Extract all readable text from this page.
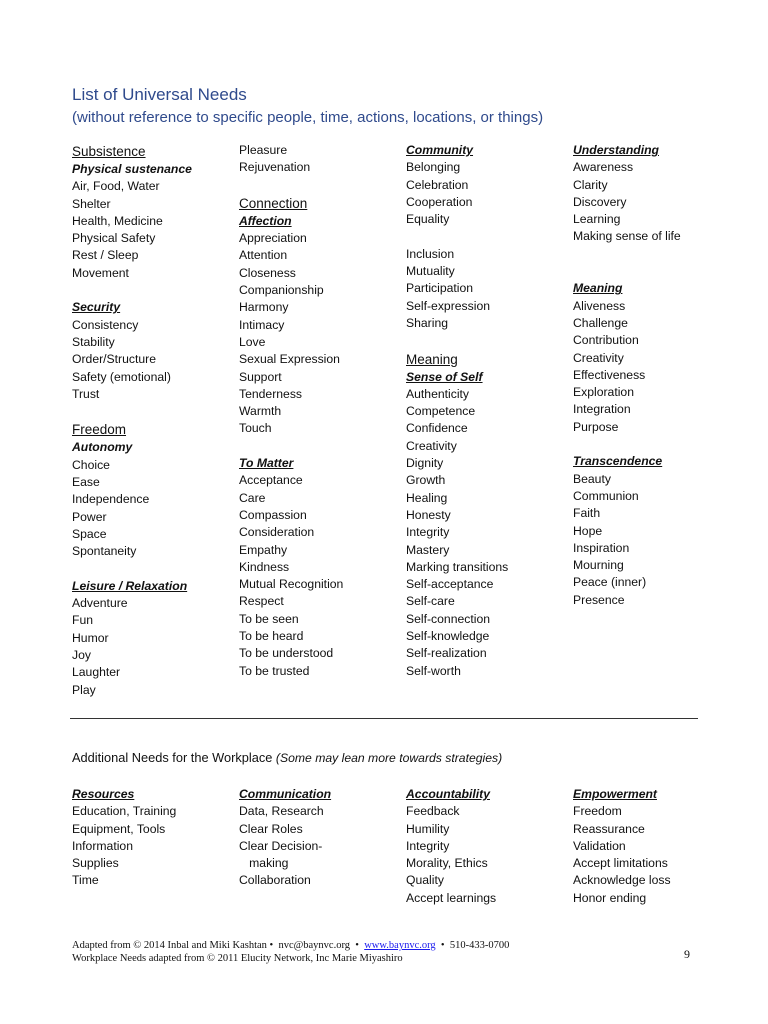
List of Universal Needs
(without reference to specific people, time, actions, locations, or things)
Subsistence
Physical sustenance
Air, Food, Water
Shelter
Health, Medicine
Physical Safety
Rest / Sleep
Movement
Security
Consistency
Stability
Order/Structure
Safety (emotional)
Trust
Freedom
Autonomy
Choice
Ease
Independence
Power
Space
Spontaneity
Leisure / Relaxation
Adventure
Fun
Humor
Joy
Laughter
Play
Pleasure
Rejuvenation
Connection
Affection
Appreciation
Attention
Closeness
Companionship
Harmony
Intimacy
Love
Sexual Expression
Support
Tenderness
Warmth
Touch
To Matter
Acceptance
Care
Compassion
Consideration
Empathy
Kindness
Mutual Recognition
Respect
To be seen
To be heard
To be understood
To be trusted
Community
Belonging
Celebration
Cooperation
Equality
Inclusion
Mutuality
Participation
Self-expression
Sharing
Meaning
Sense of Self
Authenticity
Competence
Confidence
Creativity
Dignity
Growth
Healing
Honesty
Integrity
Mastery
Marking transitions
Self-acceptance
Self-care
Self-connection
Self-knowledge
Self-realization
Self-worth
Understanding
Awareness
Clarity
Discovery
Learning
Making sense of life
Meaning
Aliveness
Challenge
Contribution
Creativity
Effectiveness
Exploration
Integration
Purpose
Transcendence
Beauty
Communion
Faith
Hope
Inspiration
Mourning
Peace (inner)
Presence
Additional Needs for the Workplace (Some may lean more towards strategies)
Resources
Education, Training
Equipment, Tools
Information
Supplies
Time
Communication
Data, Research
Clear Roles
Clear Decision-
making
Collaboration
Accountability
Feedback
Humility
Integrity
Morality, Ethics
Quality
Accept learnings
Empowerment
Freedom
Reassurance
Validation
Accept limitations
Acknowledge loss
Honor ending
Adapted from © 2014 Inbal and Miki Kashtan •  nvc@baynvc.org  •  www.baynvc.org  •  510-433-0700
Workplace Needs adapted from © 2011 Elucity Network, Inc Marie Miyashiro	9
